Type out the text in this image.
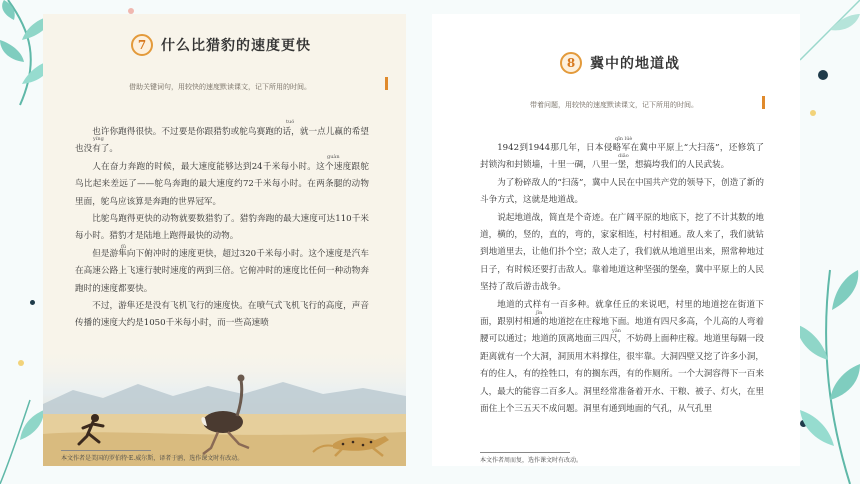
7	什么比猎豹的速度更快
借助关键词句，用较快的速度默读课文，记下所用的时间。
tuó
yíng
guàn
fǔ

也许你跑得很快。不过要是你跟猎豹或鸵鸟赛跑的话，就一点儿赢的希望也没有了。

人在奋力奔跑的时候，最大速度能够达到24千米每小时。这个速度跟鸵鸟比起来差远了——鸵鸟奔跑的最大速度约72千米每小时。在两条腿的动物里面，鸵鸟应该算是奔跑的世界冠军。

比鸵鸟跑得更快的动物就要数猎豹了。猎豹奔跑的最大速度可达110千米每小时。猎豹才是陆地上跑得最快的动物。

但是游隼向下俯冲时的速度更快，超过320千米每小时。这个速度是汽车在高速公路上飞速行驶时速度的两到三倍。它俯冲时的速度比任何一种动物奔跑时的速度都要快。

不过，游隼还是没有飞机飞行的速度快。在喷气式飞机飞行的高度，声音传播的速度大约是1050千米每小时，而一些高速喷

本文作者是美国的罗伯特·E.威尔斯，译者于鸥，选作课文时有改动。
8	冀中的地道战
带着问题，用较快的速度默读课文，记下所用的时间。
qīn lüè
diāo
jīn
yǎn

1942到1944那几年，日本侵略军在冀中平原上“大扫荡”，还修筑了封锁沟和封锁墙，十里一碉，八里一堡，想搞垮我们的人民武装。

为了粉碎敌人的“扫荡”，冀中人民在中国共产党的领导下，创造了新的斗争方式，这就是地道战。

说起地道战，简直是个奇迹。在广阔平原的地底下，挖了不计其数的地道，横的，竖的，直的，弯的，家家相连，村村相通。敌人来了，我们就钻到地道里去，让他们扑个空；敌人走了，我们就从地道里出来，照常种地过日子，有时候还要打击敌人。靠着地道这种坚强的堡垒，冀中平原上的人民坚持了敌后游击战争。

地道的式样有一百多种。就拿任丘的来说吧，村里的地道挖在街道下面，跟别村相通的地道挖在庄稼地下面。地道有四尺多高，个儿高的人弯着腰可以通过；地道的顶离地面三四尺，不妨碍上面种庄稼。地道里每隔一段距离就有一个大洞，洞顶用木料撑住，很牢靠。大洞四壁又挖了许多小洞，有的住人，有的拴牲口，有的搁东西，有的作厕所。一个大洞容得下一百来人，最大的能容二百多人。洞里经常准备着开水、干粮、被子、灯火，在里面住上个三五天不成问题。洞里有通到地面的气孔，从气孔里

本文作者周而复，选作课文时有改动。
